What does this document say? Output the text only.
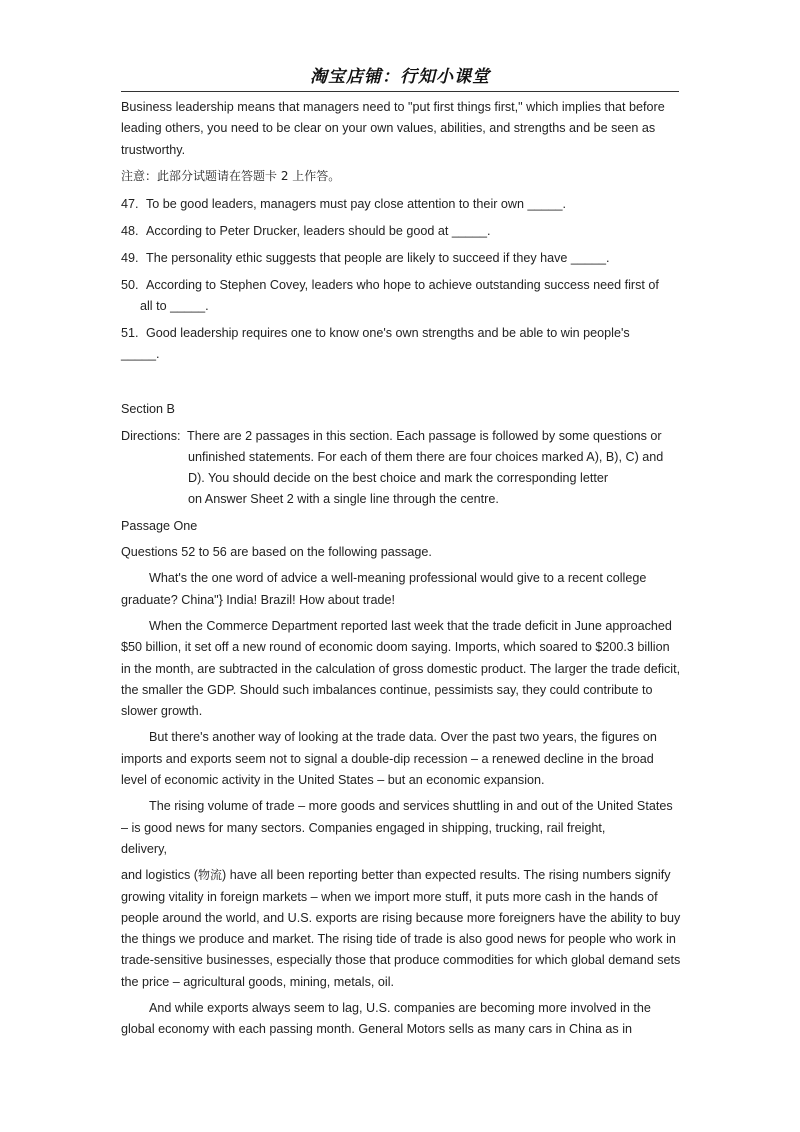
淘宝店铺：行知小课堂

Business leadership means that managers need to "put first things first," which implies that before leading others, you need to be clear on your own values, abilities, and strengths and be seen as trustworthy.

注意：此部分试题请在答题卡 2 上作答。

47. To be good leaders, managers must pay close attention to their own _____.

48. According to Peter Drucker, leaders should be good at _____.

49. The personality ethic suggests that people are likely to succeed if they have _____.

50. According to Stephen Covey, leaders who hope to achieve outstanding success need first of
all to _____.

51. Good leadership requires one to know one's own strengths and be able to win people's
_____.

Section B

Directions: There are 2 passages in this section. Each passage is followed by some questions or
unfinished statements. For each of them there are four choices marked A), B), C) and
D). You should decide on the best choice and mark the corresponding letter
on Answer Sheet 2 with a single line through the centre.

Passage One

Questions 52 to 56 are based on the following passage.

What's the one word of advice a well-meaning professional would give to a recent college graduate? China"} India! Brazil! How about trade!

When the Commerce Department reported last week that the trade deficit in June approached $50 billion, it set off a new round of economic doom saying. Imports, which soared to $200.3 billion in the month, are subtracted in the calculation of gross domestic product. The larger the trade deficit, the smaller the GDP. Should such imbalances continue, pessimists say, they could contribute to slower growth.

But there's another way of looking at the trade data. Over the past two years, the figures on imports and exports seem not to signal a double-dip recession – a renewed decline in the broad level of economic activity in the United States – but an economic expansion.

The rising volume of trade – more goods and services shuttling in and out of the United States – is good news for many sectors. Companies engaged in shipping, trucking, rail freight,
delivery,

and logistics (物流) have all been reporting better than expected results. The rising numbers signify growing vitality in foreign markets – when we import more stuff, it puts more cash in the hands of people around the world, and U.S. exports are rising because more foreigners have the ability to buy the things we produce and market. The rising tide of trade is also good news for people who work in trade-sensitive businesses, especially those that produce commodities for which global demand sets the price – agricultural goods, mining, metals, oil.

And while exports always seem to lag, U.S. companies are becoming more involved in the global economy with each passing month. General Motors sells as many cars in China as in
